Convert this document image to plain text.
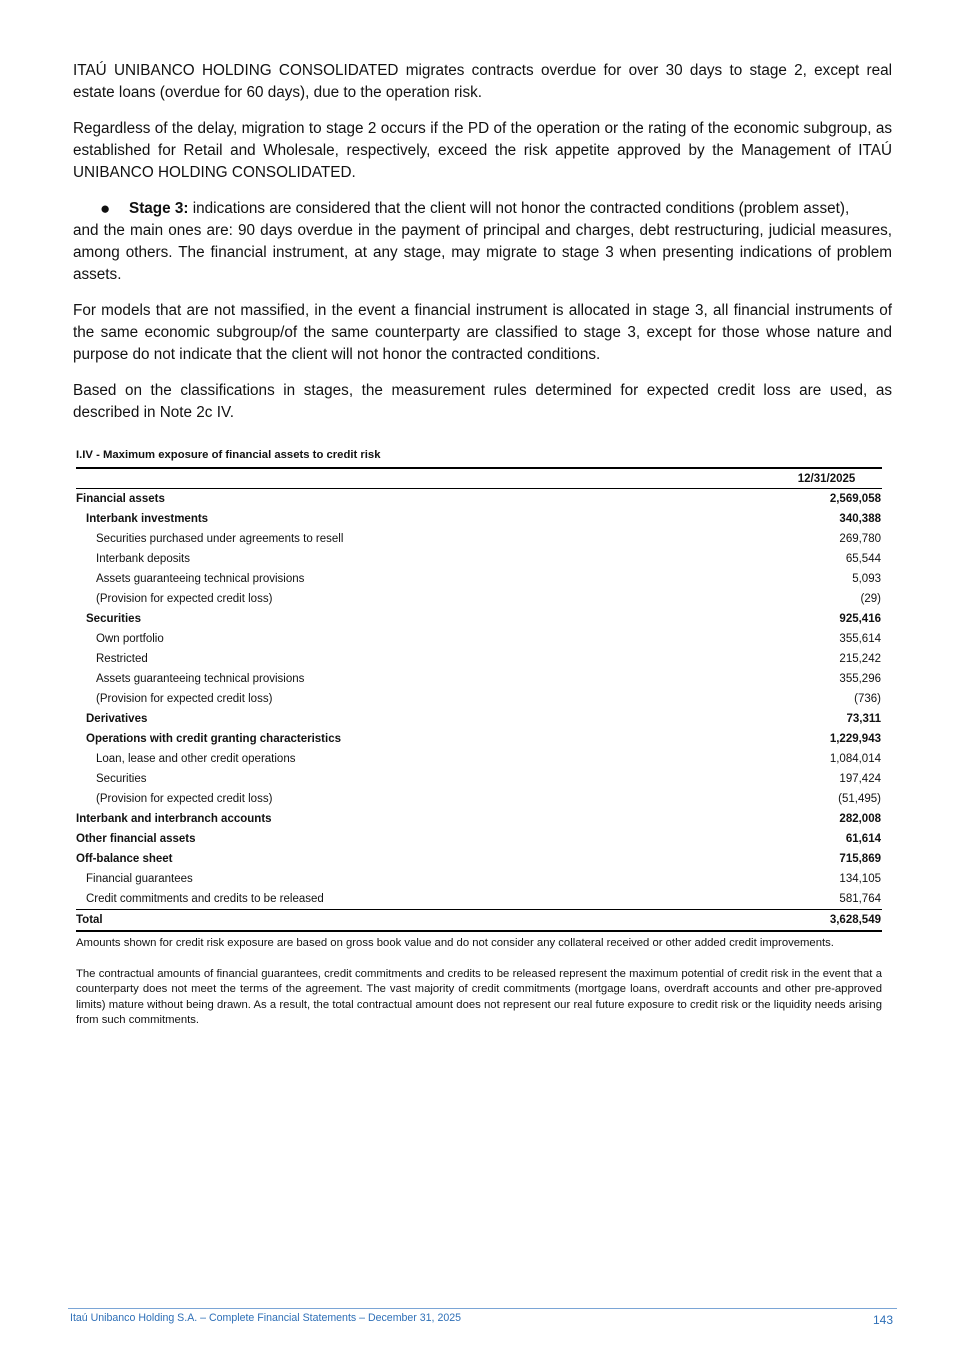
ITAÚ UNIBANCO HOLDING CONSOLIDATED migrates contracts overdue for over 30 days to stage 2, except real estate loans (overdue for 60 days), due to the operation risk.

Regardless of the delay, migration to stage 2 occurs if the PD of the operation or the rating of the economic subgroup, as established for Retail and Wholesale, respectively, exceed the risk appetite approved by the Management of ITAÚ UNIBANCO HOLDING CONSOLIDATED.

●	Stage 3: indications are considered that the client will not honor the contracted conditions (problem asset),
and the main ones are: 90 days overdue in the payment of principal and charges, debt restructuring, judicial measures, among others. The financial instrument, at any stage, may migrate to stage 3 when presenting indications of problem assets.

For models that are not massified, in the event a financial instrument is allocated in stage 3, all financial instruments of the same economic subgroup/of the same counterparty are classified to stage 3, except for those whose nature and purpose do not indicate that the client will not honor the contracted conditions.

Based on the classifications in stages, the measurement rules determined for expected credit loss are used, as described in Note 2c IV.

I.IV - Maximum exposure of financial assets to credit risk
	12/31/2025
Financial assets	2,569,058
Interbank investments	340,388
Securities purchased under agreements to resell	269,780
Interbank deposits	65,544
Assets guaranteeing technical provisions	5,093
(Provision for expected credit loss)	(29)
Securities	925,416
Own portfolio	355,614
Restricted	215,242
Assets guaranteeing technical provisions	355,296
(Provision for expected credit loss)	(736)
Derivatives	73,311
Operations with credit granting characteristics	1,229,943
Loan, lease and other credit operations	1,084,014
Securities	197,424
(Provision for expected credit loss)	(51,495)
Interbank and interbranch accounts	282,008
Other financial assets	61,614
Off-balance sheet	715,869
Financial guarantees	134,105
Credit commitments and credits to be released	581,764
Total	3,628,549

Amounts shown for credit risk exposure are based on gross book value and do not consider any collateral received or other added credit improvements.

The contractual amounts of financial guarantees, credit commitments and credits to be released represent the maximum potential of credit risk in the event that a counterparty does not meet the terms of the agreement. The vast majority of credit commitments (mortgage loans, overdraft accounts and other pre-approved limits) mature without being drawn. As a result, the total contractual amount does not represent our real future exposure to credit risk or the liquidity needs arising from such commitments.

Itaú Unibanco Holding S.A. – Complete Financial Statements – December 31, 2025	143
